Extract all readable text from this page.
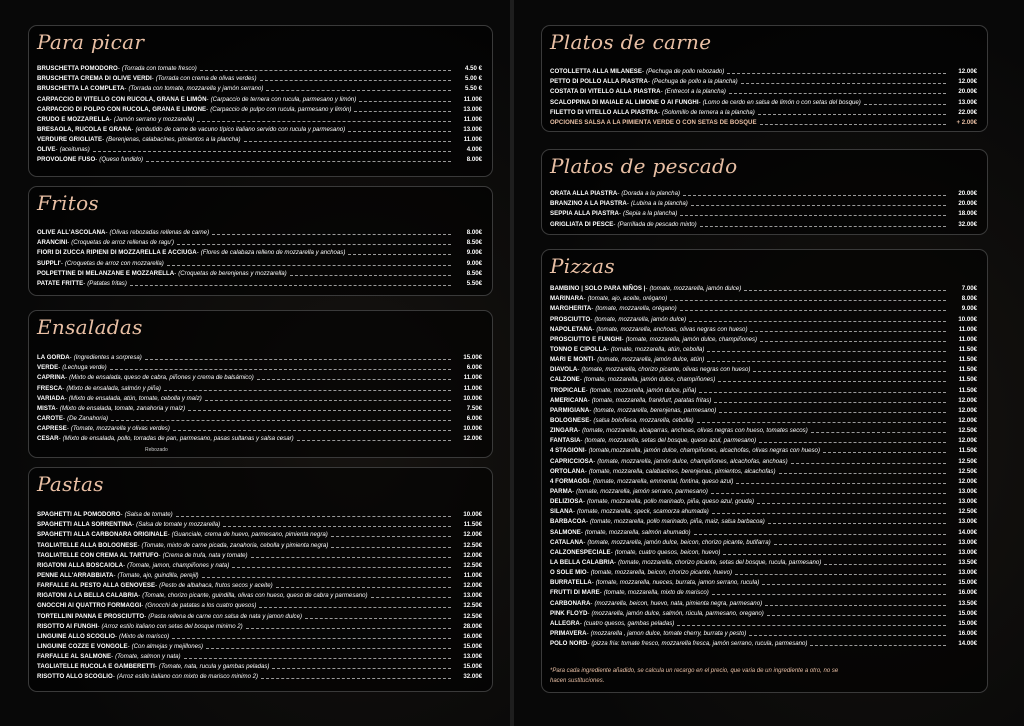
Para picar
BRUSCHETTA POMODORO - (Torrada con tomate fresco)	4.50 €
BRUSCHETTA CREMA DI OLIVE VERDI - (Torrada con crema de olivas verdes)	5.00 €
BRUSCHETTA LA COMPLETA - (Torrada con tomate, mozzarella y jamón serrano)	5.50 €
CARPACCIO DI VITELLO CON RUCOLA, GRANA E LIMÓN - (Carpaccio de ternera con rucula, parmesano y limón)	11.00€
CARPACCIO DI POLPO CON RUCOLA, GRANA E LIMONE - (Carpaccio de pulpo con rucula, parmesano y limón)	13.00€
CRUDO E MOZZARELLA - (Jamón serrano y mozzarella)	11.00€
BRESAOLA, RUCOLA E GRANA - (embutido de carne de vacuno típico italiano servido con rucula y parmesano)	13.00€
VERDURE GRIGLIATE - (Berenjenas, calabacines, pimientos a la plancha)	11.00€
OLIVE - (aceitunas)	4.00€
PROVOLONE FUSO - (Queso fundido)	8.00€
Fritos
OLIVE ALL'ASCOLANA - (Olivas rebozadas rellenas de carne)	8.00€
ARANCINI - (Croquetas de arroz rellenas de ragu')	8.50€
FIORI DI ZUCCA RIPIENI DI MOZZARELLA E ACCIUGA - (Flores de calabaza relleno de mozzarella y anchoas)	9.00€
SUPPLI' - (Croquetas de arroz con mozzarella)	9.00€
POLPETTINE DI MELANZANE E MOZZARELLA - (Croquetas de berenjenas y mozzarella)	8.50€
PATATE FRITTE - (Patatas fritas)	5.50€
Ensaladas
LA GORDA - (Ingredientes a sorpresa)	15.00€
VERDE - (Lechuga verde)	6.00€
CAPRINA - (Mixto de ensalada, queso de cabra, piñones y crema de balsámico)	11.00€
FRESCA - (Mixto de ensalada, salmón y piña)	11.00€
VARIADA - (Mixto de ensalada, atún, tomate, cebolla y maíz)	10.00€
MISTA - (Mixto de ensalada, tomate, zanahoria y maíz)	7.50€
CAROTE - (De Zanahoria)	6.00€
CAPRESE - (Tomate, mozzarella y olivas verdes)	10.00€
CESAR - (Mixto de ensalada, pollo, torradas de pan, parmesano, pasas sultanas y salsa cesar)	12.00€
Rebozado
Pastas
SPAGHETTI AL POMODORO - (Salsa de tomate)	10.00€
SPAGHETTI ALLA SORRENTINA - (Salsa de tomate y mozzarella)	11.50€
SPAGHETTI ALLA CARBONARA ORIGINALE - (Guanciale, crema de huevo, parmesano, pimienta negra)	12.00€
TAGLIATELLE ALLA BOLOGNESE - (Tomate, mixto de carne picada, zanahoria, cebolla y pimienta negra)	12.50€
TAGLIATELLE CON CREMA AL TARTUFO - (Crema de trufa, nata y tomate)	12.00€
RIGATONI ALLA BOSCAIOLA - (Tomate, jamon, champiñones y nata)	12.50€
PENNE ALL'ARRABBIATA - (Tomate, ajo, guindilla, perejil)	11.00€
FARFALLE AL PESTO ALLA GENOVESE - (Pesto de albahaca, frutos secos y aceite)	12.00€
RIGATONI A LA BELLA CALABRIA - (Tomate, chorizo picante, guindilla, olivas con hueso, queso de cabra y parmesano)	13.00€
GNOCCHI AI QUATTRO FORMAGGI - (Gnocchi de patatas a los cuatro quesos)	12.50€
TORTELLINI PANNA E PROSCIUTTO - (Pasta rellena de carne con salsa de nata y jamon dulce)	12.50€
RISOTTO AI FUNGHI - (Arroz estilo italiano con setas del bosque minimo 2)	28.00€
LINGUINE ALLO SCOGLIO - (Mixto de marisco)	16.00€
LINGUINE COZZE E VONGOLE - (Con almejas y mejillones)	15.00€
FARFALLE AL SALMONE - (Tomate, salmon y nata)	13.00€
TAGLIATELLE RUCOLA E GAMBERETTI - (Tomate, nata, rucula y gambas peladas)	15.00€
RISOTTO ALLO SCOGLIO - (Arroz estilo italiano con mixto de marisco minimo 2)	32.00€
Platos de carne
COTOLLETTA ALLA MILANESE - (Pechuga de pollo rebozado)	12.00€
PETTO DI POLLO ALLA PIASTRA - (Pechuga de pollo a la plancha)	12.00€
COSTATA DI VITELLO ALLA PIASTRA - (Entrecot a la plancha)	20.00€
SCALOPPINA DI MAIALE AL LIMONE O AI FUNGHI - (Lomo de cerdo en salsa de limón o con setas del bosque)	13.00€
FILETTO DI VITELLO ALLA PIASTRA - (Solomillo de ternera a la plancha)	22.00€
OPCIONES SALSA A LA PIMIENTA VERDE O CON SETAS DE BOSQUE	+ 2.00€
Platos de pescado
ORATA ALLA PIASTRA - (Dorada a la plancha)	20.00€
BRANZINO A LA PIASTRA - (Lubina a la plancha)	20.00€
SEPPIA ALLA PIASTRA - (Sepia a la plancha)	18.00€
GRIGLIATA DI PESCE - (Parrillada de pescado mixto)	32.00€
Pizzas
BAMBINO | SOLO PARA NIÑOS | - (tomate, mozzarella, jamón dulce)	7.00€
MARINARA - (tomate, ajo, aceite, orégano)	8.00€
MARGHERITA - (tomate, mozzarella, orégano)	9.00€
PROSCIUTTO - (tomate, mozzarella, jamón dulce)	10.00€
NAPOLETANA - (tomate, mozzarella, anchoas, olivas negras con hueso)	11.00€
PROSCIUTTO E FUNGHI - (tomate, mozzarella, jamón dulce, champiñones)	11.00€
TONNO E CIPOLLA - (tomate, mozzarella, atún, cebolla)	11.50€
MARI E MONTI - (tomate, mozzarella, jamón dulce, atún)	11.50€
DIAVOLA - (tomate, mozzarella, chorizo picante, olivas negras con hueso)	11.50€
CALZONE - (tomate, mozzarella, jamón dulce, champiñones)	11.50€
TROPICALE - (tomate, mozzarella, jamón dulce, piña)	11.50€
AMERICANA - (tomate, mozzarella, frankfurt, patatas fritas)	12.00€
PARMIGIANA - (tomate, mozzarella, berenjenas, parmesano)	12.00€
BOLOGNESE - (salsa boloñesa, mozzarella, cebolla)	12.00€
ZINGARA - (tomate, mozzarella, alcaparras, anchoas, olivas negras con hueso, tomates secos)	12.50€
FANTASIA - (tomate, mozzarella, setas del bosque, queso azul, parmesano)	12.00€
4 STAGIONI - (tomate,mozzarella, jamón dulce, champiñones, alcachofas, olivas negras con hueso)	11.50€
CAPRICCIOSA - (tomate, mozzarella, jamón dulce, champiñones, alcachofas, anchoas)	12.50€
ORTOLANA - (tomate, mozzarella, calabacines, berenjenas, pimientos, alcachofas)	12.50€
4 FORMAGGI - (tomate, mozzarella, emmental, fontina, queso azul)	12.00€
PARMA - (tomate, mozzarella, jamón serrano, parmesano)	13.00€
DELIZIOSA - (tomate, mozzarella, pollo marinado, piña, queso azul, gouda)	13.00€
SILANA - (tomate, mozzarella, speck, scamorza ahumada)	12.50€
BARBACOA - (tomate, mozzarella, pollo marinado, piña, maiz, salsa barbacoa)	13.00€
SALMONE - (tomate, mozzarella, salmón ahumado)	14.00€
CATALANA - (tomate, mozzarella, jamón dulce, beicon, chorizo picante, butifarra)	13.00€
CALZONESPECIALE - (tomate, cuatro quesos, beicon, huevo)	13.00€
LA BELLA CALABRIA - (tomate, mozzarella, chorizo picante, setas del bosque, rucula, parmesano)	13.50€
O SOLE MIO - (tomate, mozzarella, beicon, chorizo picante, huevo)	13.00€
BURRATELLA - (tomate, mozzarella, nueces, burrata, jamon serrano, rucula)	15.00€
FRUTTI DI MARE - (tomate, mozzarella, mixto de marisco)	16.00€
CARBONARA - (mozzarella, beicon, huevo, nata, pimienta negra, parmesano)	13.50€
PINK FLOYD - (mozzarella, jamón dulce, salmón, rúcula, parmesano, oregano)	15.00€
ALLEGRA - (cuatro quesos, gambas peladas)	15.00€
PRIMAVERA - (mozzarella , jamon dulce, tomate cherry, burrata y pesto)	16.00€
POLO NORD - (pizza fria: tomate fresco, mozzarella fresca, jamón serrano, rucula, parmesano)	14.00€
*Para cada ingrediente añadido, se calcula un recargo en el precio, que varia de un ingrediente a otro, no se hacen sustituciones.
